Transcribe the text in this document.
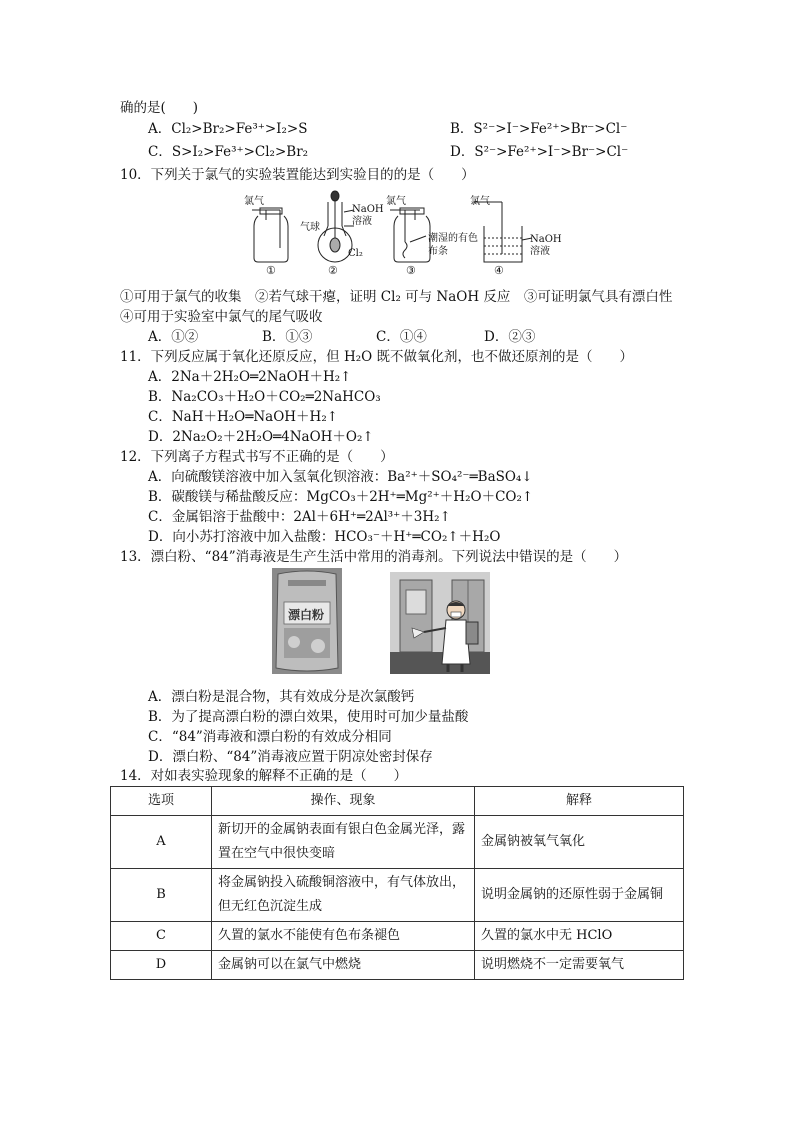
确的是(　　)
A．Cl₂>Br₂>Fe³⁺>I₂>S	B．S²⁻>I⁻>Fe²⁺>Br⁻>Cl⁻
C．S>I₂>Fe³⁺>Cl₂>Br₂	D．S²⁻>Fe²⁺>I⁻>Br⁻>Cl⁻
10．下列关于氯气的实验装置能达到实验目的的是（　　）
氯气
NaOH溶液
气球
Cl₂
氯气
潮湿的有色布条
氯气
NaOH溶液
①	②	③	④
①可用于氯气的收集　②若气球干瘪，证明 Cl₂ 可与 NaOH 反应　③可证明氯气具有漂白性
④可用于实验室中氯气的尾气吸收
A．①②	B．①③	C．①④	D．②③
11．下列反应属于氧化还原反应，但 H₂O 既不做氧化剂，也不做还原剂的是（　　）
A．2Na＋2H₂O═2NaOH＋H₂↑
B．Na₂CO₃＋H₂O＋CO₂═2NaHCO₃
C．NaH＋H₂O═NaOH＋H₂↑
D．2Na₂O₂＋2H₂O═4NaOH＋O₂↑
12．下列离子方程式书写不正确的是（　　）
A．向硫酸镁溶液中加入氢氧化钡溶液：Ba²⁺＋SO₄²⁻═BaSO₄↓
B．碳酸镁与稀盐酸反应：MgCO₃＋2H⁺═Mg²⁺＋H₂O＋CO₂↑
C．金属铝溶于盐酸中：2Al＋6H⁺═2Al³⁺＋3H₂↑
D．向小苏打溶液中加入盐酸：HCO₃⁻＋H⁺═CO₂↑＋H₂O
13．漂白粉、“84”消毒液是生产生活中常用的消毒剂。下列说法中错误的是（　　）
漂白粉
A．漂白粉是混合物，其有效成分是次氯酸钙
B．为了提高漂白粉的漂白效果，使用时可加少量盐酸
C．“84”消毒液和漂白粉的有效成分相同
D．漂白粉、“84”消毒液应置于阴凉处密封保存
14．对如表实验现象的解释不正确的是（　　）
选项	操作、现象	解释
A	新切开的金属钠表面有银白色金属光泽，露置在空气中很快变暗	金属钠被氧气氧化
B	将金属钠投入硫酸铜溶液中，有气体放出，但无红色沉淀生成	说明金属钠的还原性弱于金属铜
C	久置的氯水不能使有色布条褪色	久置的氯水中无 HClO
D	金属钠可以在氯气中燃烧	说明燃烧不一定需要氧气
